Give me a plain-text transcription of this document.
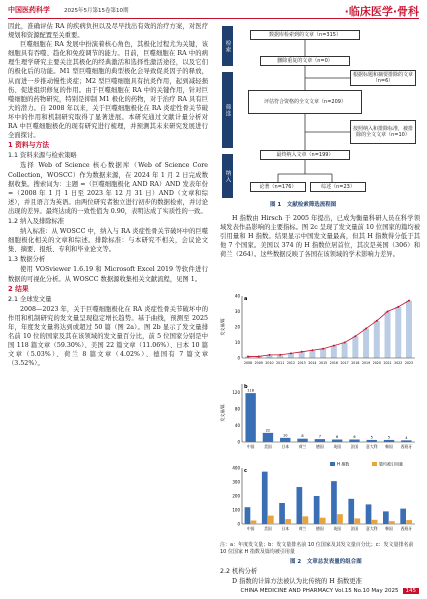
中国医药科学	2025年5月第15卷第10期	·临床医学·骨科

因此，准确评估 RA 的疾病负担以及尽早找出有效的治疗方案，对医疗规划和资源配置至关重要。

巨噬细胞在 RA 发展中扮演着核心角色，其极化过程尤为关键，该细胞具有吞噬、趋化和免疫调节的能力。目前，巨噬细胞在 RA 中的病理生理学研究主要关注其极化的经典激活和选择性激活途径，以及它们的极化后的功能。M1 型巨噬细胞的典型极化会导致促炎因子的释放，从而进一步推动慢性炎症；M2 型巨噬细胞具有抗炎作用，起到减轻损伤、促进组织修复的作用。由于巨噬细胞在 RA 中的关键作用，针对巨噬细胞的药物研究，特别是抑制 M1 极化的药物，对于治疗 RA 具有巨大的潜力。自 2008 年以来，关于巨噬细胞极化在 RA 炎症性骨关节破坏中的作用和机制研究取得了显著进展。本研究通过文献计量分析对 RA 中巨噬细胞极化的现有研究进行梳理，并预测其未来研究发展进行全面探讨。

1 资料与方法
1.1 资料来源与检索策略

选择 Web of Science 核心数据库（Web of Science Core Collection，WOSCC）作为数据来源，在 2024 年 1 月 2 日完成数据收集。搜索词为：主题 =（巨噬细胞极化 AND RA）AND 发表年份 =（2008 年 1 月 1 日至 2023 年 12 月 31 日）AND（文章和综述），并且语言为英语。由两位研究者独立进行初步的数据检索，并讨论出现的差异。最终达成的一致性值为 0.90，表明达成了实质性的一致。

1.2 纳入及排除标准

纳入标准：从 WOSCC 中，纳入与 RA 炎症性骨关节破坏中的巨噬细胞极化相关的文章和综述。排除标准：与本研究不相关，会议论文集、摘要、报纸、专利和毕业论文等。

1.3 数据分析

使用 VOSviewer 1.6.19 和 Microsoft Excel 2019 等软件进行数据的可视化分析。从 WOSCC 数据源收集相关文献流程，见图 1。

2 结果
2.1 全球发文量

2008—2023 年，关于巨噬细胞极化在 RA 炎症性骨关节破坏中的作用和机制研究的发文量呈现稳定增长趋势。基于曲线，预测至 2025 年，年度发文量将达到或超过 50 篇（图 2a）。图 2b 显示了发文量排名前 10 位的国家及其在该领域的发文量百分比，前 5 位国家分别是中国 118 篇文章（59.30%）、美国 22 篇文章（11.06%）、日本 10 篇文章（5.03%）、荷兰 8 篇文章（4.02%）、德国有 7 篇文章（3.52%）。

检索
筛选
纳入
数据库检索到的文章（n=315）
删除重复的文章（n=0）
评估符合资格的全文文章（n=209）
根据标题和摘要排除的文章（n=6）
按照纳入和排除标准，被排除的全文文章（n=10）
最终纳入文章（n=199）
论著（n=176）	综述（n=23）
图 1　文献检索筛选流程图

H 指数由 Hirsch 于 2005 年提出，已成为衡量科研人员在科学领域发表作品影响的主要指标。图 2c 呈现了发文量前 10 位国家的篇均被引用量和 H 指数。结果显示中国发文量最高，但其 H 指数得分低于其他 7 个国家。美国以 374 的 H 指数位居首位，其次是英国（306）和荷兰（264）。这些数据反映了各国在该领域的学术影响力差异。

发文量/篇
0
10
20
30
40
2008 2009 2010 2011 2012 2013 2014 2015 2016 2017 2018 2019 2020 2021 2022 2023
a
发文量/篇
0
40
80
120 118
中国
22
美国
10
日本
8
荷兰
7
德国
6
英国
6
法国
5
意大利
5
韩国
4
西班牙
b
0
100
200
300
400
中国	美国	日本	荷兰	德国	英国	法国 意大利 韩国 西班牙
H 指数	篇均被引用量
c
注：a：年度发文量；b：发文量排名前 10 位国家及其发文量百分比；c：发文量排名前 10 位国家 H 指数及篇均被引用量
图 2　文章总发表量的组合图
2.2 机构分析

D 指数的计算方法被认为比传统的 H 指数更准

CHINA MEDICINE AND PHARMACY Vol.15 No.10 May 2025 145
